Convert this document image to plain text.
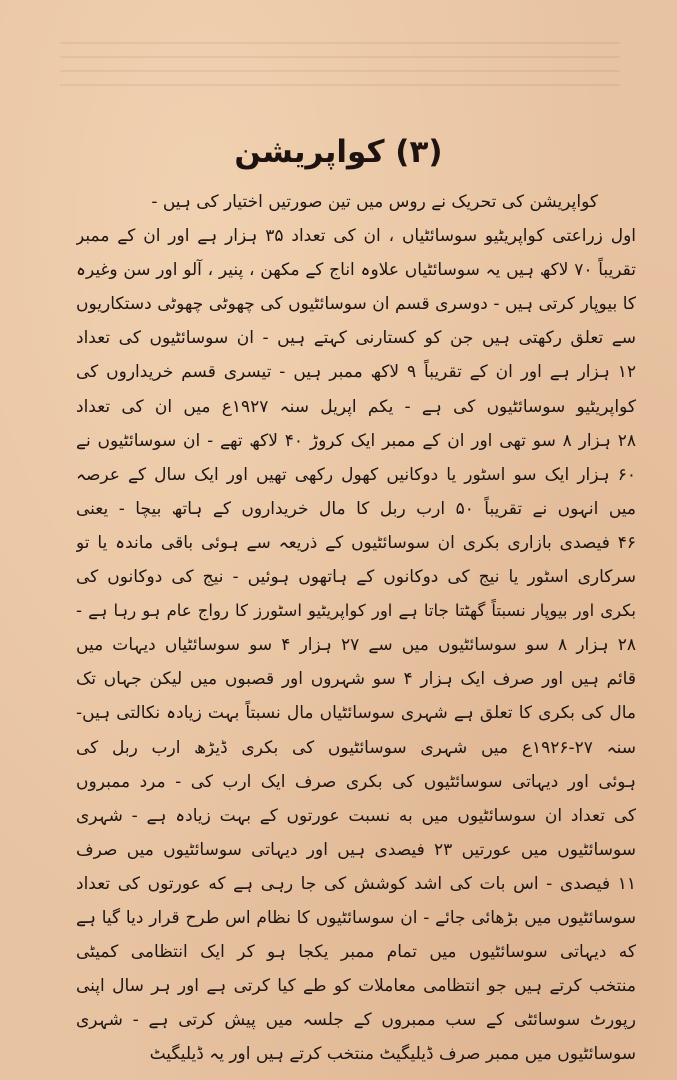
(۳) کواپریشن
کواپریشن کی تحریک نے روس میں تین صورتیں اختیار کی ہیں -
اول زراعتی کواپریٹیو سوسائٹیاں ، ان کی تعداد ۳۵ ہزار ہے اور ان کے ممبر
تقریباً ۷۰ لاکھ ہیں یہ سوسائٹیاں علاوہ اناج کے مکھن ، پنیر ، آلو اور سن وغیرہ
کا بیوپار کرتی ہیں - دوسری قسم ان سوسائٹیوں کی چھوٹی چھوٹی دستکاریوں
سے تعلق رکھتی ہیں جن کو کستارنی کہتے ہیں - ان سوسائٹیوں کی تعداد
۱۲ ہزار ہے اور ان کے تقریباً ۹ لاکھ ممبر ہیں - تیسری قسم خریداروں کی
کواپریٹیو سوسائٹیوں کی ہے - یکم اپریل سنہ ۱۹۲۷ع میں ان کی تعداد
۲۸ ہزار ۸ سو تھی اور ان کے ممبر ایک کروڑ ۴۰ لاکھ تھے - ان سوسائٹیوں نے
۶۰ ہزار ایک سو اسٹور یا دوکانیں کھول رکھی تھیں اور ایک سال کے عرصہ
میں انہوں نے تقریباً ۵۰ ارب ربل کا مال خریداروں کے ہاتھ بیچا - یعنی
۴۶ فیصدی بازاری بکری ان سوسائٹیوں کے ذریعہ سے ہوئی باقی ماندہ یا تو
سرکاری اسٹور یا نیج کی دوکانوں کے ہاتھوں ہوئیں - نیج کی دوکانوں کی
بکری اور بیوپار نسبتاً گھٹتا جاتا ہے اور کواپریٹیو اسٹورز کا رواج عام ہو رہا ہے -
۲۸ ہزار ۸ سو سوسائٹیوں میں سے ۲۷ ہزار ۴ سو سوسائٹیاں دیہات میں
قائم ہیں اور صرف ایک ہزار ۴ سو شہروں اور قصبوں میں لیکن جہاں تک
مال کی بکری کا تعلق ہے شہری سوسائٹیاں مال نسبتاً بہت زیادہ نکالتی ہیں-
سنہ ۲۷-۱۹۲۶ع میں شہری سوسائٹیوں کی بکری ڈیڑھ ارب ربل کی
ہوئی اور دیہاتی سوسائٹیوں کی بکری صرف ایک ارب کی - مرد ممبروں
کی تعداد ان سوسائٹیوں میں به نسبت عورتوں کے بہت زیادہ ہے - شہری
سوسائٹیوں میں عورتیں ۲۳ فیصدی ہیں اور دیہاتی سوسائٹیوں میں صرف
۱۱ فیصدی - اس بات کی اشد کوشش کی جا رہی ہے که عورتوں کی تعداد
سوسائٹیوں میں بڑھائی جائے - ان سوسائٹیوں کا نظام اس طرح قرار دیا گیا ہے
که دیہاتی سوسائٹیوں میں تمام ممبر یکجا ہو کر ایک انتظامی کمیٹی
منتخب کرتے ہیں جو انتظامی معاملات کو طے کیا کرتی ہے اور ہر سال اپنی
رپورٹ سوسائٹی کے سب ممبروں کے جلسہ میں پیش کرتی ہے - شہری
سوسائٹیوں میں ممبر صرف ڈیلیگیٹ منتخب کرتے ہیں اور یہ ڈیلیگیٹ
